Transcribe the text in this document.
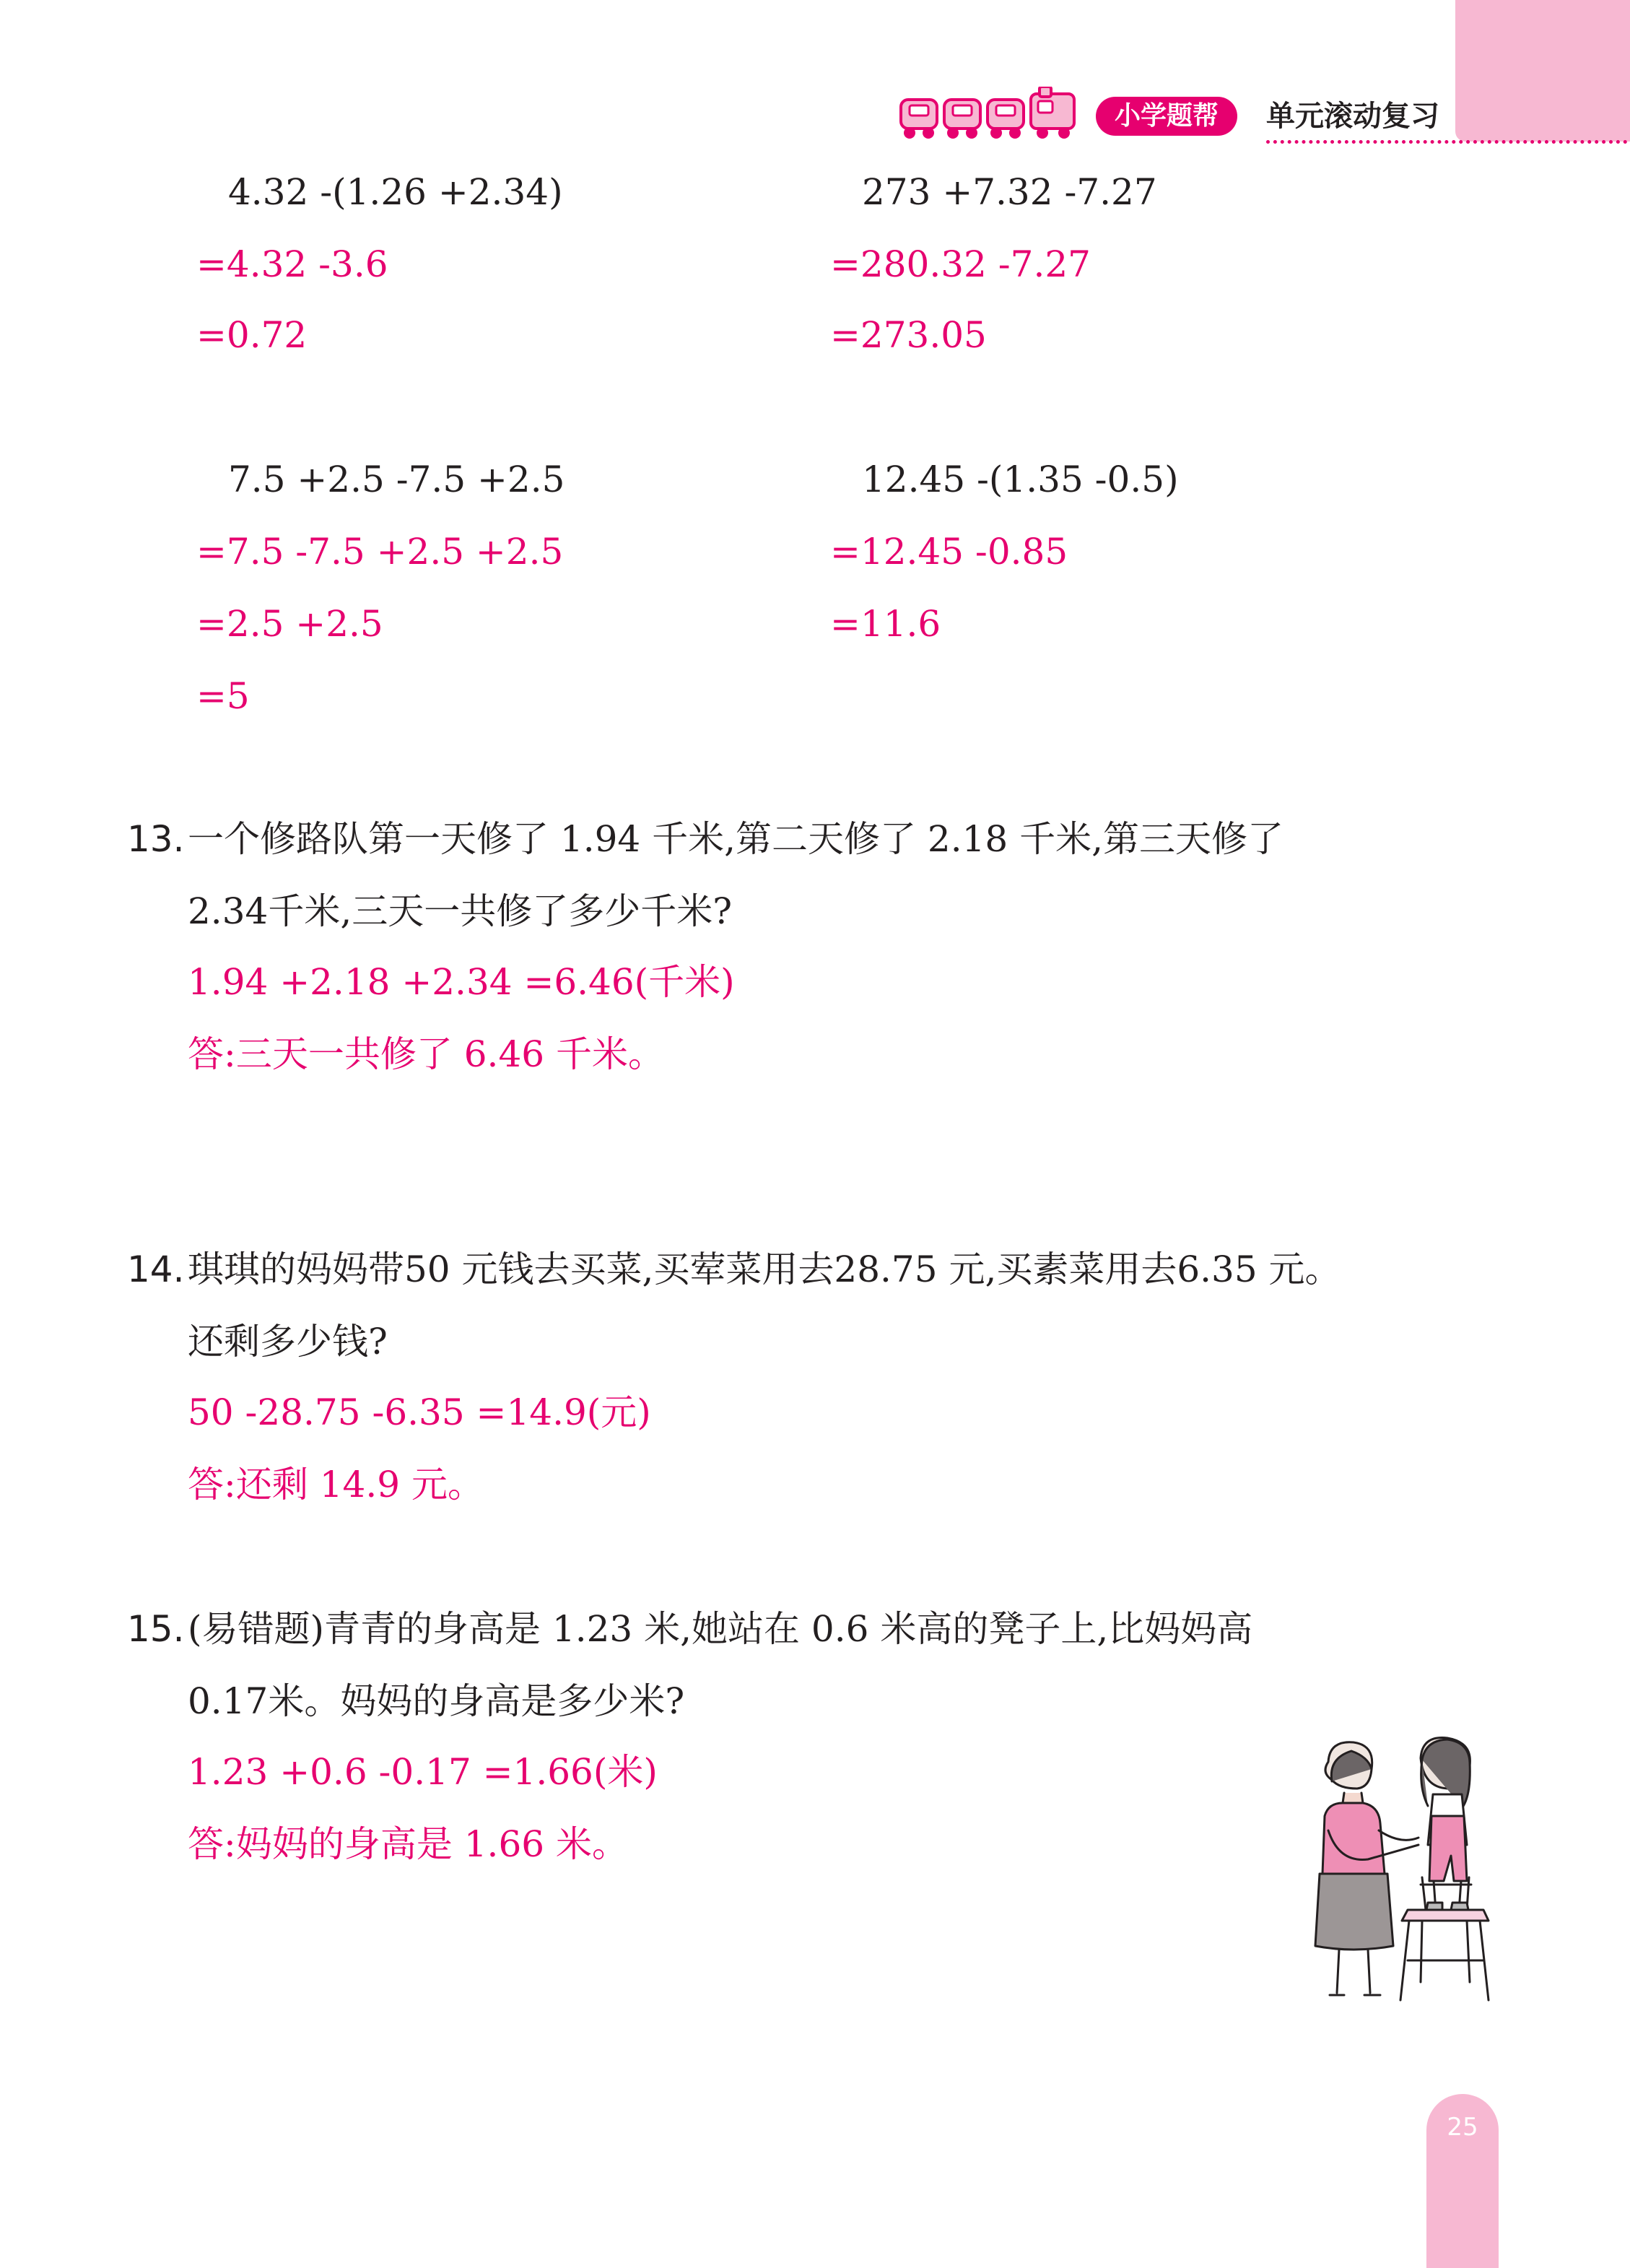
小学题帮	单元滚动复习
4.32 -(1.26 +2.34)
=4.32 -3.6
=0.72
273 +7.32 -7.27
=280.32 -7.27
=273.05
7.5 +2.5 -7.5 +2.5
=7.5 -7.5 +2.5 +2.5
=2.5 +2.5
=5
12.45 -(1.35 -0.5)
=12.45 -0.85
=11.6
13. 一个修路队第一天修了 1.94 千米,第二天修了 2.18 千米,第三天修了
2.34千米,三天一共修了多少千米?
1.94 +2.18 +2.34 =6.46(千米)
答:三天一共修了 6.46 千米。
14. 琪琪的妈妈带50 元钱去买菜,买荤菜用去28.75 元,买素菜用去6.35 元。
还剩多少钱?
50 -28.75 -6.35 =14.9(元)
答:还剩 14.9 元。
15. (易错题)青青的身高是 1.23 米,她站在 0.6 米高的凳子上,比妈妈高
0.17米。妈妈的身高是多少米?
1.23 +0.6 -0.17 =1.66(米)
答:妈妈的身高是 1.66 米。
25
